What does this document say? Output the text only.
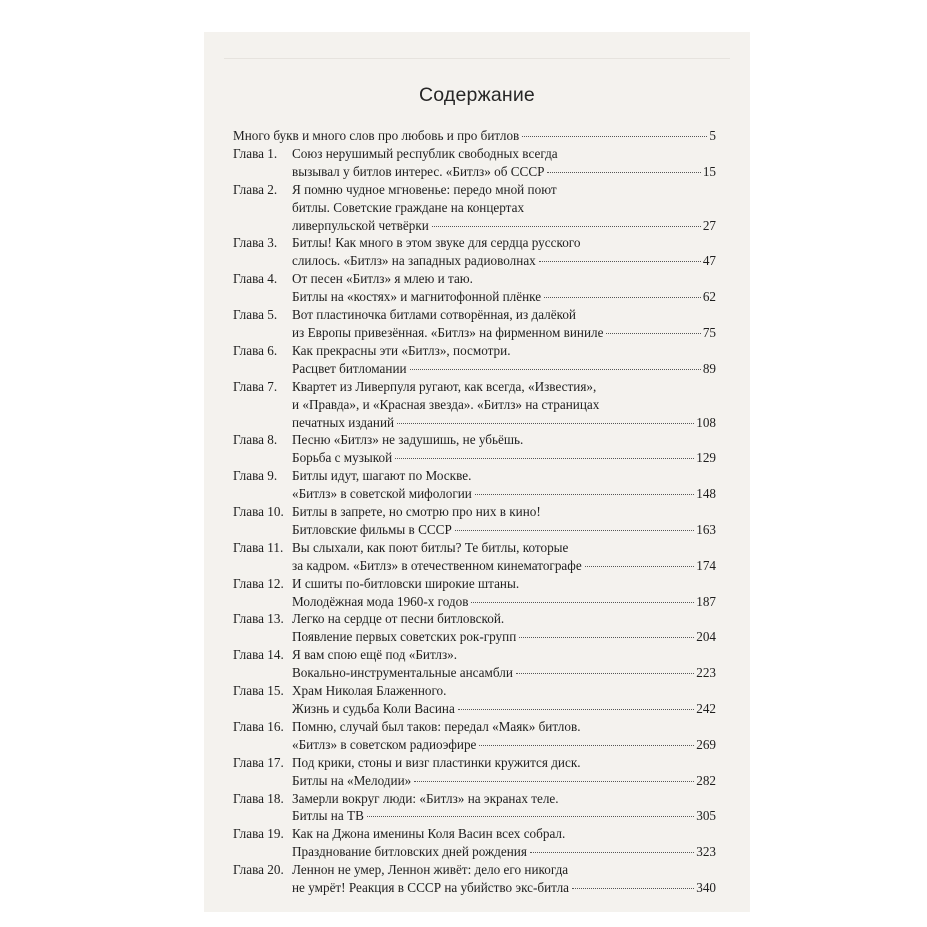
Содержание
Много букв и много слов про любовь и про битлов	5
Глава 1.	Союз нерушимый республик свободных всегда
вызывал у битлов интерес. «Битлз» об СССР	15
Глава 2.	Я помню чудное мгновенье: передо мной поют
битлы. Советские граждане на концертах
ливерпульской четвёрки	27
Глава 3.	Битлы! Как много в этом звуке для сердца русского
слилось. «Битлз» на западных радиоволнах	47
Глава 4.	От песен «Битлз» я млею и таю.
Битлы на «костях» и магнитофонной плёнке	62
Глава 5.	Вот пластиночка битлами сотворённая, из далёкой
из Европы привезённая. «Битлз» на фирменном виниле	75
Глава 6.	Как прекрасны эти «Битлз», посмотри.
Расцвет битломании	89
Глава 7.	Квартет из Ливерпуля ругают, как всегда, «Известия»,
и «Правда», и «Красная звезда». «Битлз» на страницах
печатных изданий	108
Глава 8.	Песню «Битлз» не задушишь, не убьёшь.
Борьба с музыкой	129
Глава 9.	Битлы идут, шагают по Москве.
«Битлз» в советской мифологии	148
Глава 10. Битлы в запрете, но смотрю про них в кино!
Битловские фильмы в СССР	163
Глава 11. Вы слыхали, как поют битлы? Те битлы, которые
за кадром. «Битлз» в отечественном кинематографе	174
Глава 12. И сшиты по-битловски широкие штаны.
Молодёжная мода 1960-х годов	187
Глава 13. Легко на сердце от песни битловской.
Появление первых советских рок-групп	204
Глава 14. Я вам спою ещё под «Битлз».
Вокально-инструментальные ансамбли	223
Глава 15. Храм Николая Блаженного.
Жизнь и судьба Коли Васина	242
Глава 16. Помню, случай был таков: передал «Маяк» битлов.
«Битлз» в советском радиоэфире	269
Глава 17. Под крики, стоны и визг пластинки кружится диск.
Битлы на «Мелодии»	282
Глава 18. Замерли вокруг люди: «Битлз» на экранах теле.
Битлы на ТВ	305
Глава 19. Как на Джона именины Коля Васин всех собрал.
Празднование битловских дней рождения	323
Глава 20. Леннон не умер, Леннон живёт: дело его никогда
не умрёт! Реакция в СССР на убийство экс-битла	340
